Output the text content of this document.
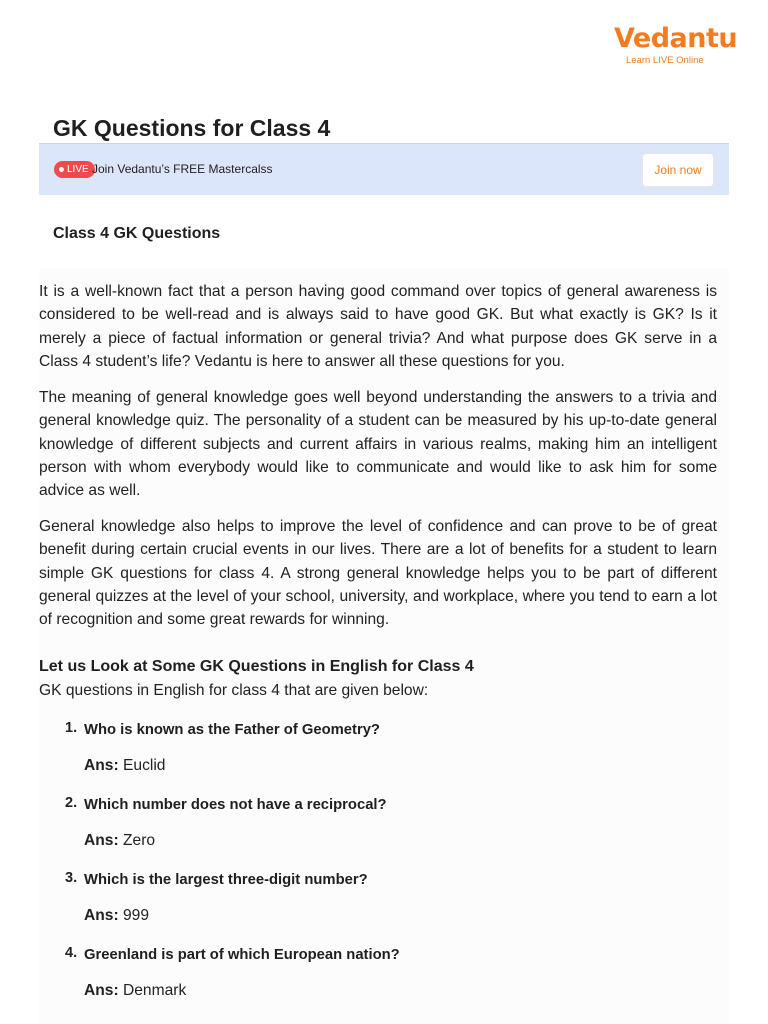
Vedantu
Learn LIVE Online
GK Questions for Class 4
LIVE Join Vedantu’s FREE Mastercalss	Join now
Class 4 GK Questions

It is a well-known fact that a person having good command over topics of general awareness is considered to be well-read and is always said to have good GK. But what exactly is GK? Is it merely a piece of factual information or general trivia? And what purpose does GK serve in a Class 4 student’s life? Vedantu is here to answer all these questions for you.

The meaning of general knowledge goes well beyond understanding the answers to a trivia and general knowledge quiz. The personality of a student can be measured by his up-to-date general knowledge of different subjects and current affairs in various realms, making him an intelligent person with whom everybody would like to communicate and would like to ask him for some advice as well.

General knowledge also helps to improve the level of confidence and can prove to be of great benefit during certain crucial events in our lives. There are a lot of benefits for a student to learn simple GK questions for class 4. A strong general knowledge helps you to be part of different general quizzes at the level of your school, university, and workplace, where you tend to earn a lot of recognition and some great rewards for winning.

Let us Look at Some GK Questions in English for Class 4

GK questions in English for class 4 that are given below:

1. Who is known as the Father of Geometry?
Ans: Euclid
2. Which number does not have a reciprocal?
Ans: Zero
3. Which is the largest three-digit number?
Ans: 999
4. Greenland is part of which European nation?
Ans: Denmark
